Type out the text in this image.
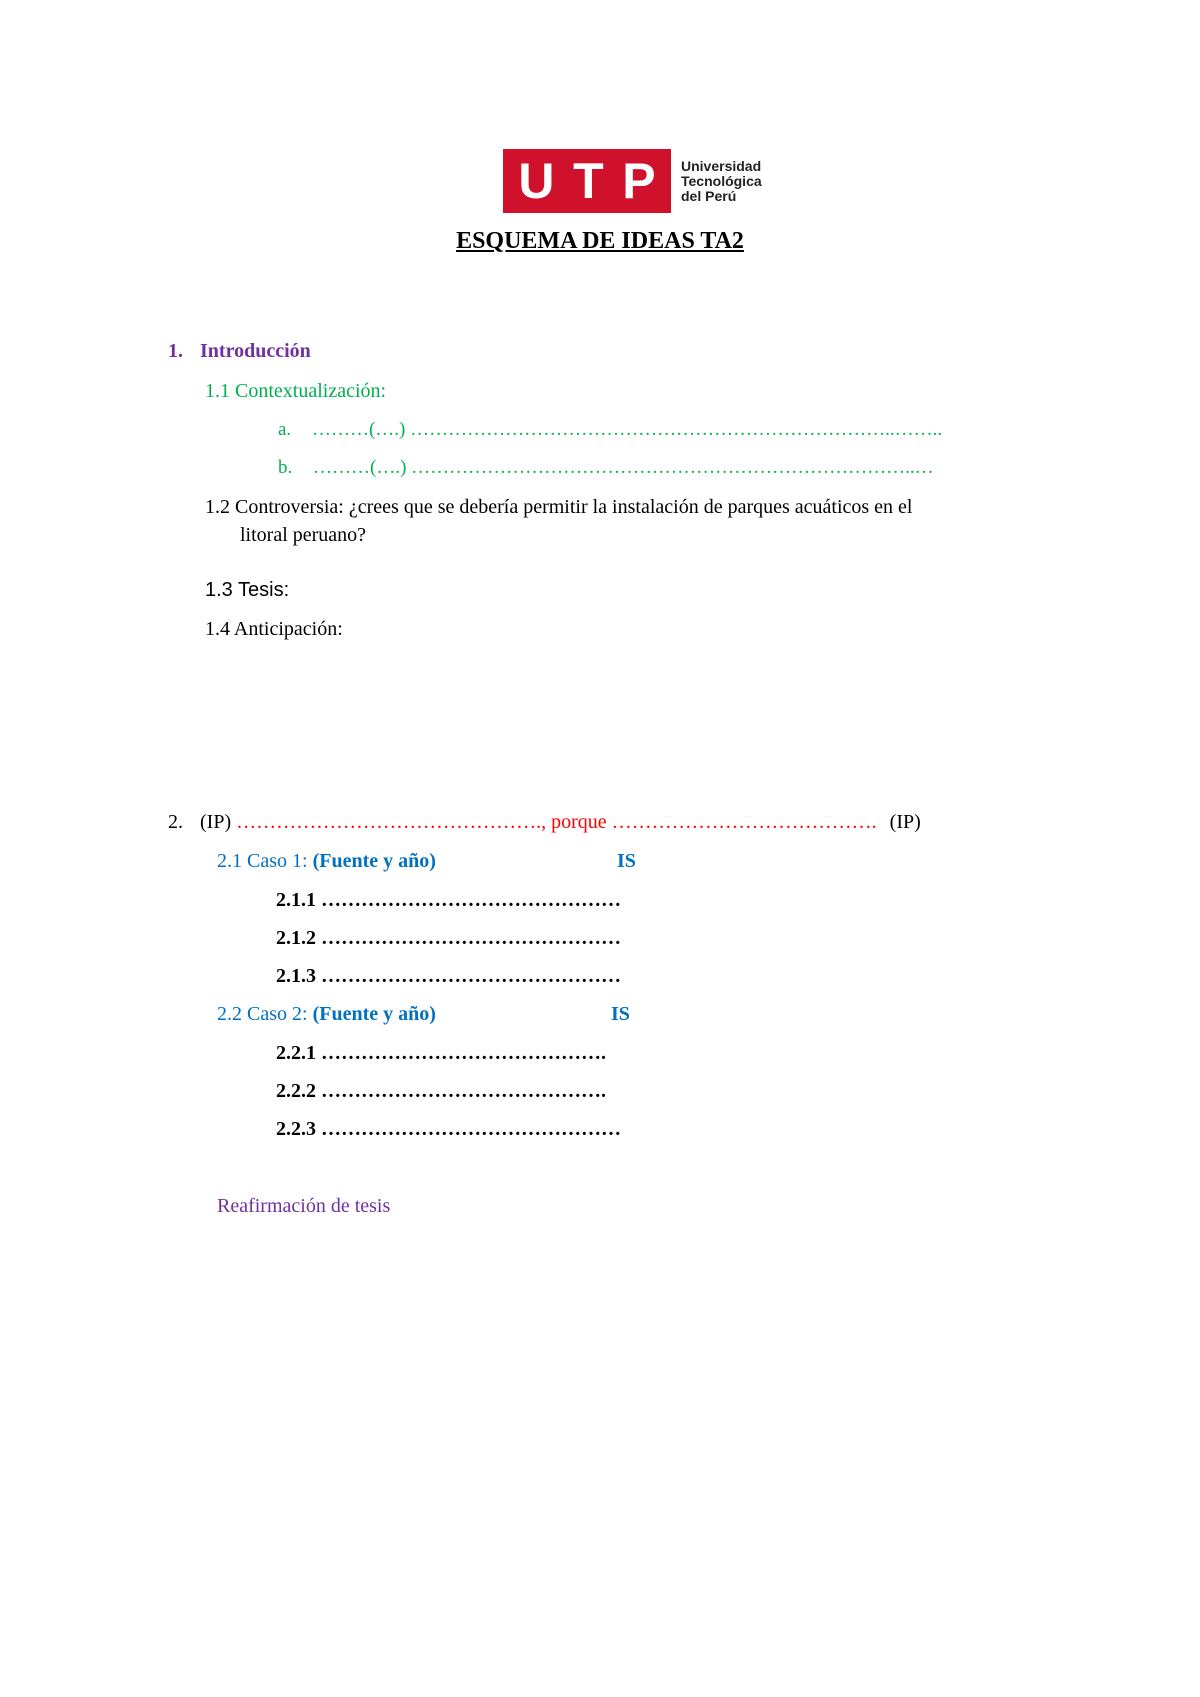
U T P Universidad
Tecnológica
del Perú
ESQUEMA DE IDEAS TA2
1. Introducción
1.1 Contextualización:
a. ………(….) …………………………………………………………………..……..
b. ………(….) ……………………………………………………………………..…
1.2 Controversia: ¿crees que se debería permitir la instalación de parques acuáticos en el
litoral peruano?
1.3 Tesis:
1.4 Anticipación:
2. (IP) ………………………………………., porque …………………………………. (IP)
2.1 Caso 1: (Fuente y año)	IS
2.1.1 ………………………………………
2.1.2 ………………………………………
2.1.3 ………………………………………
2.2 Caso 2: (Fuente y año)	IS
2.2.1 …………………………………….
2.2.2 …………………………………….
2.2.3 ………………………………………
Reafirmación de tesis
